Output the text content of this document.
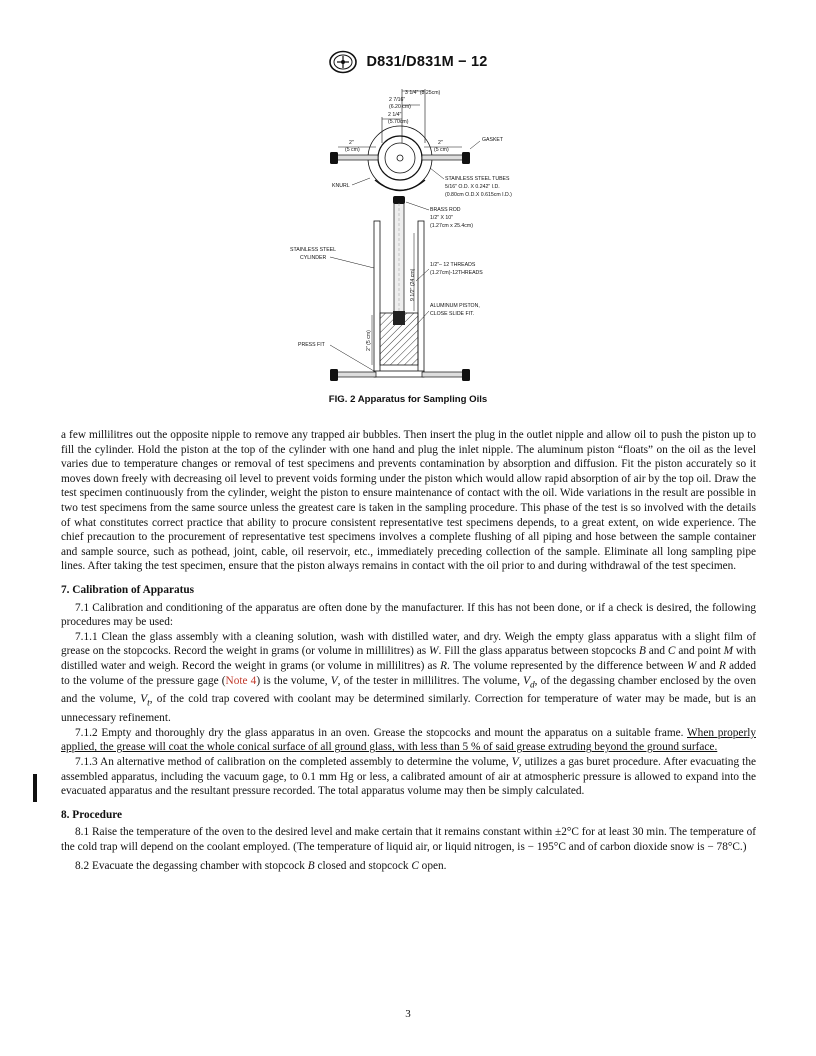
D831/D831M − 12
3 1/4" (8.25cm)
2 7/16"
(6.20 cm)
2 1/4"
(5.70cm)
2"
(5 cm)
2"
(5 cm)
GASKET
KNURL
STAINLESS STEEL TUBES
5/16" O.D. X 0.242" I.D.
(0.80cm O.D.X 0.615cm I.D.)
BRASS ROD
1/2" X 10"
(1.27cm x 25.4cm)
STAINLESS STEEL
CYLINDER
9 1/2" (24 cm)
1/2"– 12 THREADS
(1.27cm)-12THREADS
ALUMINUM PISTON,
CLOSE SLIDE FIT.
2" (5 cm)
PRESS FIT
FIG. 2 Apparatus for Sampling Oils

a few millilitres out the opposite nipple to remove any trapped air bubbles. Then insert the plug in the outlet nipple and allow oil to push the piston up to fill the cylinder. Hold the piston at the top of the cylinder with one hand and plug the inlet nipple. The aluminum piston “floats” on the oil as the level varies due to temperature changes or removal of test specimens and prevents contamination by absorption and diffusion. Fit the piston accurately so it moves down freely with decreasing oil level to prevent voids forming under the piston which would allow rapid absorption of air by the top oil. Draw the test specimen continuously from the cylinder, weight the piston to ensure maintenance of contact with the oil. Wide variations in the result are possible in two test specimens from the same source unless the greatest care is taken in the sampling procedure. This phase of the test is so involved with the details of what constitutes correct practice that ability to procure consistent representative test specimens depends, to a great extent, on wide experience. The chief precaution to the procurement of representative test specimens involves a complete flushing of all piping and hose between the sample container and sample source, such as pothead, joint, cable, oil reservoir, etc., immediately preceding collection of the sample. Eliminate all long sampling pipe lines. After taking the test specimen, ensure that the piston always remains in contact with the oil prior to and during withdrawal of the test specimen.

7. Calibration of Apparatus

7.1 Calibration and conditioning of the apparatus are often done by the manufacturer. If this has not been done, or if a check is desired, the following procedures may be used:

7.1.1 Clean the glass assembly with a cleaning solution, wash with distilled water, and dry. Weigh the empty glass apparatus with a slight film of grease on the stopcocks. Record the weight in grams (or volume in millilitres) as W. Fill the glass apparatus between stopcocks B and C and point M with distilled water and weigh. Record the weight in grams (or volume in millilitres) as R. The volume represented by the difference between W and R added to the volume of the pressure gage (Note 4) is the volume, V, of the tester in millilitres. The volume, $V_d$, of the degassing chamber enclosed by the oven and the volume, $V_t$, of the cold trap covered with coolant may be determined similarly. Correction for temperature of water may be made, but is an unnecessary refinement.

7.1.2 Empty and thoroughly dry the glass apparatus in an oven. Grease the stopcocks and mount the apparatus on a suitable frame. When properly applied, the grease will coat the whole conical surface of all ground glass, with less than 5 % of said grease extruding beyond the ground surface.

7.1.3 An alternative method of calibration on the completed assembly to determine the volume, V, utilizes a gas buret procedure. After evacuating the assembled apparatus, including the vacuum gage, to 0.1 mm Hg or less, a calibrated amount of air at atmospheric pressure is allowed to expand into the evacuated apparatus and the resultant pressure recorded. The total apparatus volume may then be simply calculated.

8. Procedure

8.1 Raise the temperature of the oven to the desired level and make certain that it remains constant within ±2°C for at least 30 min. The temperature of the cold trap will depend on the coolant employed. (The temperature of liquid air, or liquid nitrogen, is − 195°C and of carbon dioxide snow is − 78°C.)

8.2 Evacuate the degassing chamber with stopcock B closed and stopcock C open.

3
